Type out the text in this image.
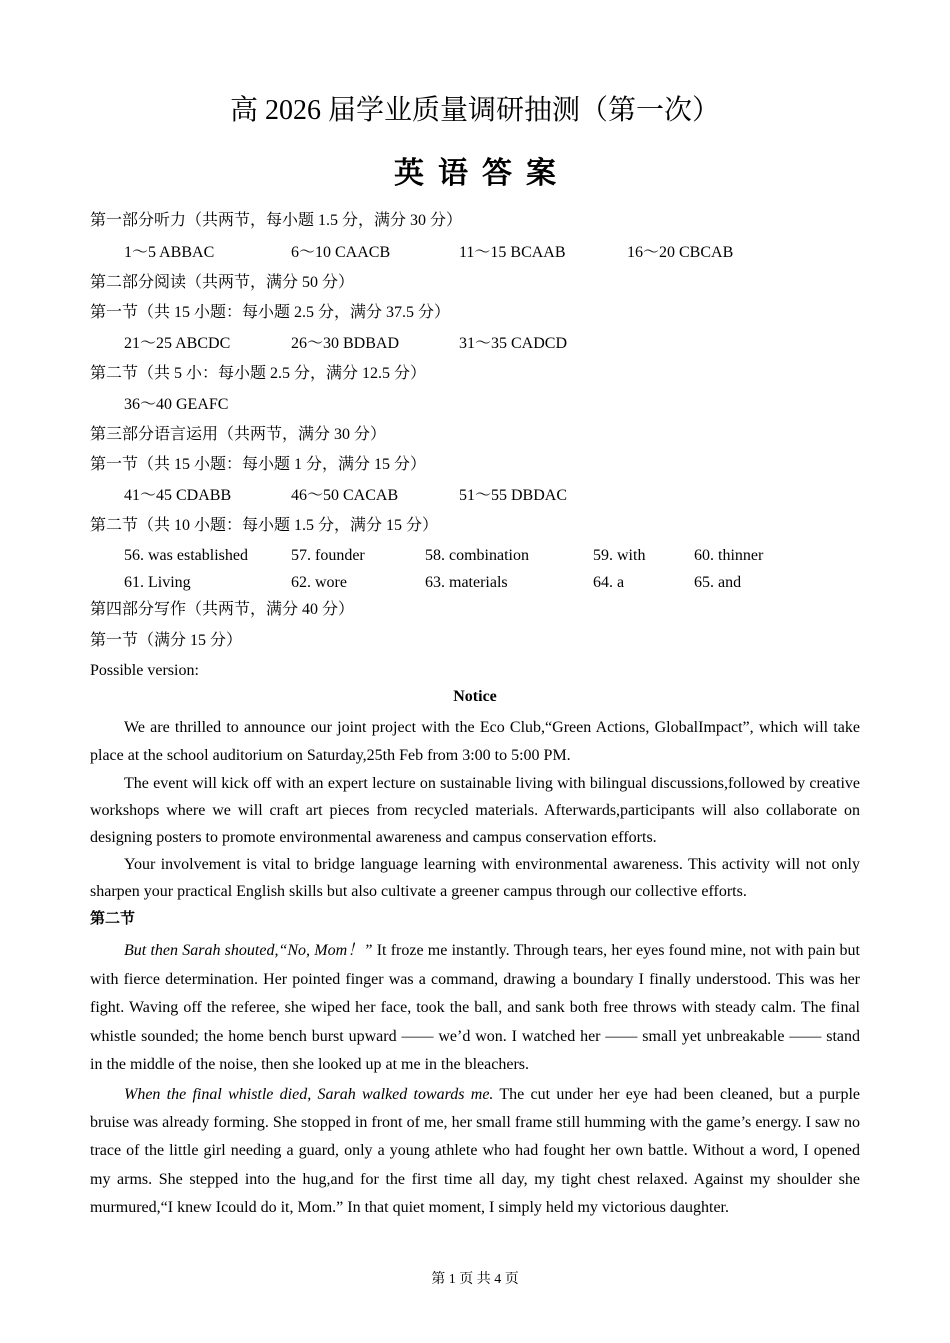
高 2026 届学业质量调研抽测（第一次）
英语答案
第一部分听力（共两节，每小题 1.5 分，满分 30 分）
1～5 ABBAC	6～10 CAACB	11～15 BCAAB	16～20 CBCAB
第二部分阅读（共两节，满分 50 分）
第一节（共 15 小题：每小题 2.5 分，满分 37.5 分）
21～25 ABCDC	26～30 BDBAD	31～35 CADCD
第二节（共 5 小：每小题 2.5 分，满分 12.5 分）
36～40 GEAFC
第三部分语言运用（共两节，满分 30 分）
第一节（共 15 小题：每小题 1 分，满分 15 分）
41～45 CDABB	46～50 CACAB	51～55 DBDAC
第二节（共 10 小题：每小题 1.5 分，满分 15 分）
56. was established	57. founder	58. combination	59. with	60. thinner
61. Living	62. wore	63. materials	64. a	65. and
第四部分写作（共两节，满分 40 分）
第一节（满分 15 分）
Possible version:
Notice
We are thrilled to announce our joint project with the Eco Club,“Green Actions, GlobalImpact”, which will take place at the school auditorium on Saturday,25th Feb from 3:00 to 5:00 PM.
The event will kick off with an expert lecture on sustainable living with bilingual discussions,followed by creative workshops where we will craft art pieces from recycled materials. Afterwards,participants will also collaborate on designing posters to promote environmental awareness and campus conservation efforts.
Your involvement is vital to bridge language learning with environmental awareness. This activity will not only sharpen your practical English skills but also cultivate a greener campus through our collective efforts.
第二节
But then Sarah shouted,“No, Mom！” It froze me instantly. Through tears, her eyes found mine, not with pain but with fierce determination. Her pointed finger was a command, drawing a boundary I finally understood. This was her fight. Waving off the referee, she wiped her face, took the ball, and sank both free throws with steady calm. The final whistle sounded; the home bench burst upward —— we’d won. I watched her —— small yet unbreakable —— stand in the middle of the noise, then she looked up at me in the bleachers.
When the final whistle died, Sarah walked towards me. The cut under her eye had been cleaned, but a purple bruise was already forming. She stopped in front of me, her small frame still humming with the game’s energy. I saw no trace of the little girl needing a guard, only a young athlete who had fought her own battle. Without a word, I opened my arms. She stepped into the hug,and for the first time all day, my tight chest relaxed. Against my shoulder she murmured,“I knew Icould do it, Mom.” In that quiet moment, I simply held my victorious daughter.
第 1 页 共 4 页
